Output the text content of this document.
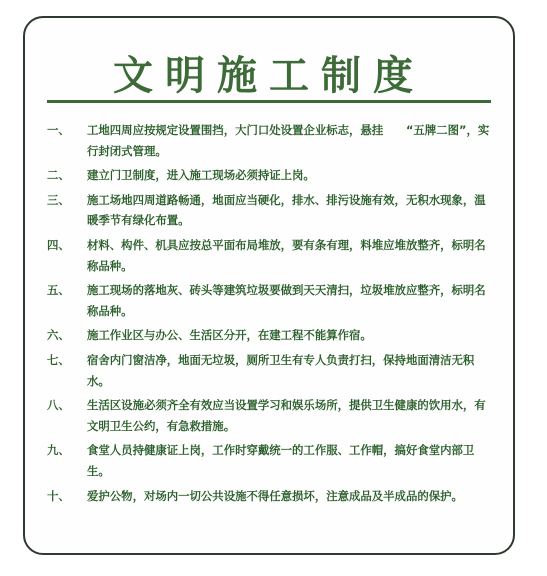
文明施工制度
一、	工地四周应按规定设置围挡，大门口处设置企业标志，悬挂　　“五牌二图”，实行封闭式管理。
二、	建立门卫制度，进入施工现场必须持证上岗。
三、	施工场地四周道路畅通，地面应当硬化，排水、排污设施有效，无积水现象，温暖季节有绿化布置。
四、	材料、构件、机具应按总平面布局堆放，要有条有理，料堆应堆放整齐，标明名称品种。
五、	施工现场的落地灰、砖头等建筑垃圾要做到天天清扫，垃圾堆放应整齐，标明名称品种。
六、	施工作业区与办公、生活区分开，在建工程不能算作宿。
七、	宿舍内门窗洁净，地面无垃圾，厕所卫生有专人负责打扫，保持地面清洁无积水。
八、	生活区设施必须齐全有效应当设置学习和娱乐场所，提供卫生健康的饮用水，有文明卫生公约，有急救措施。
九、	食堂人员持健康证上岗，工作时穿戴统一的工作服、工作帽，搞好食堂内部卫生。
十、	爱护公物，对场内一切公共设施不得任意损坏，注意成品及半成品的保护。
